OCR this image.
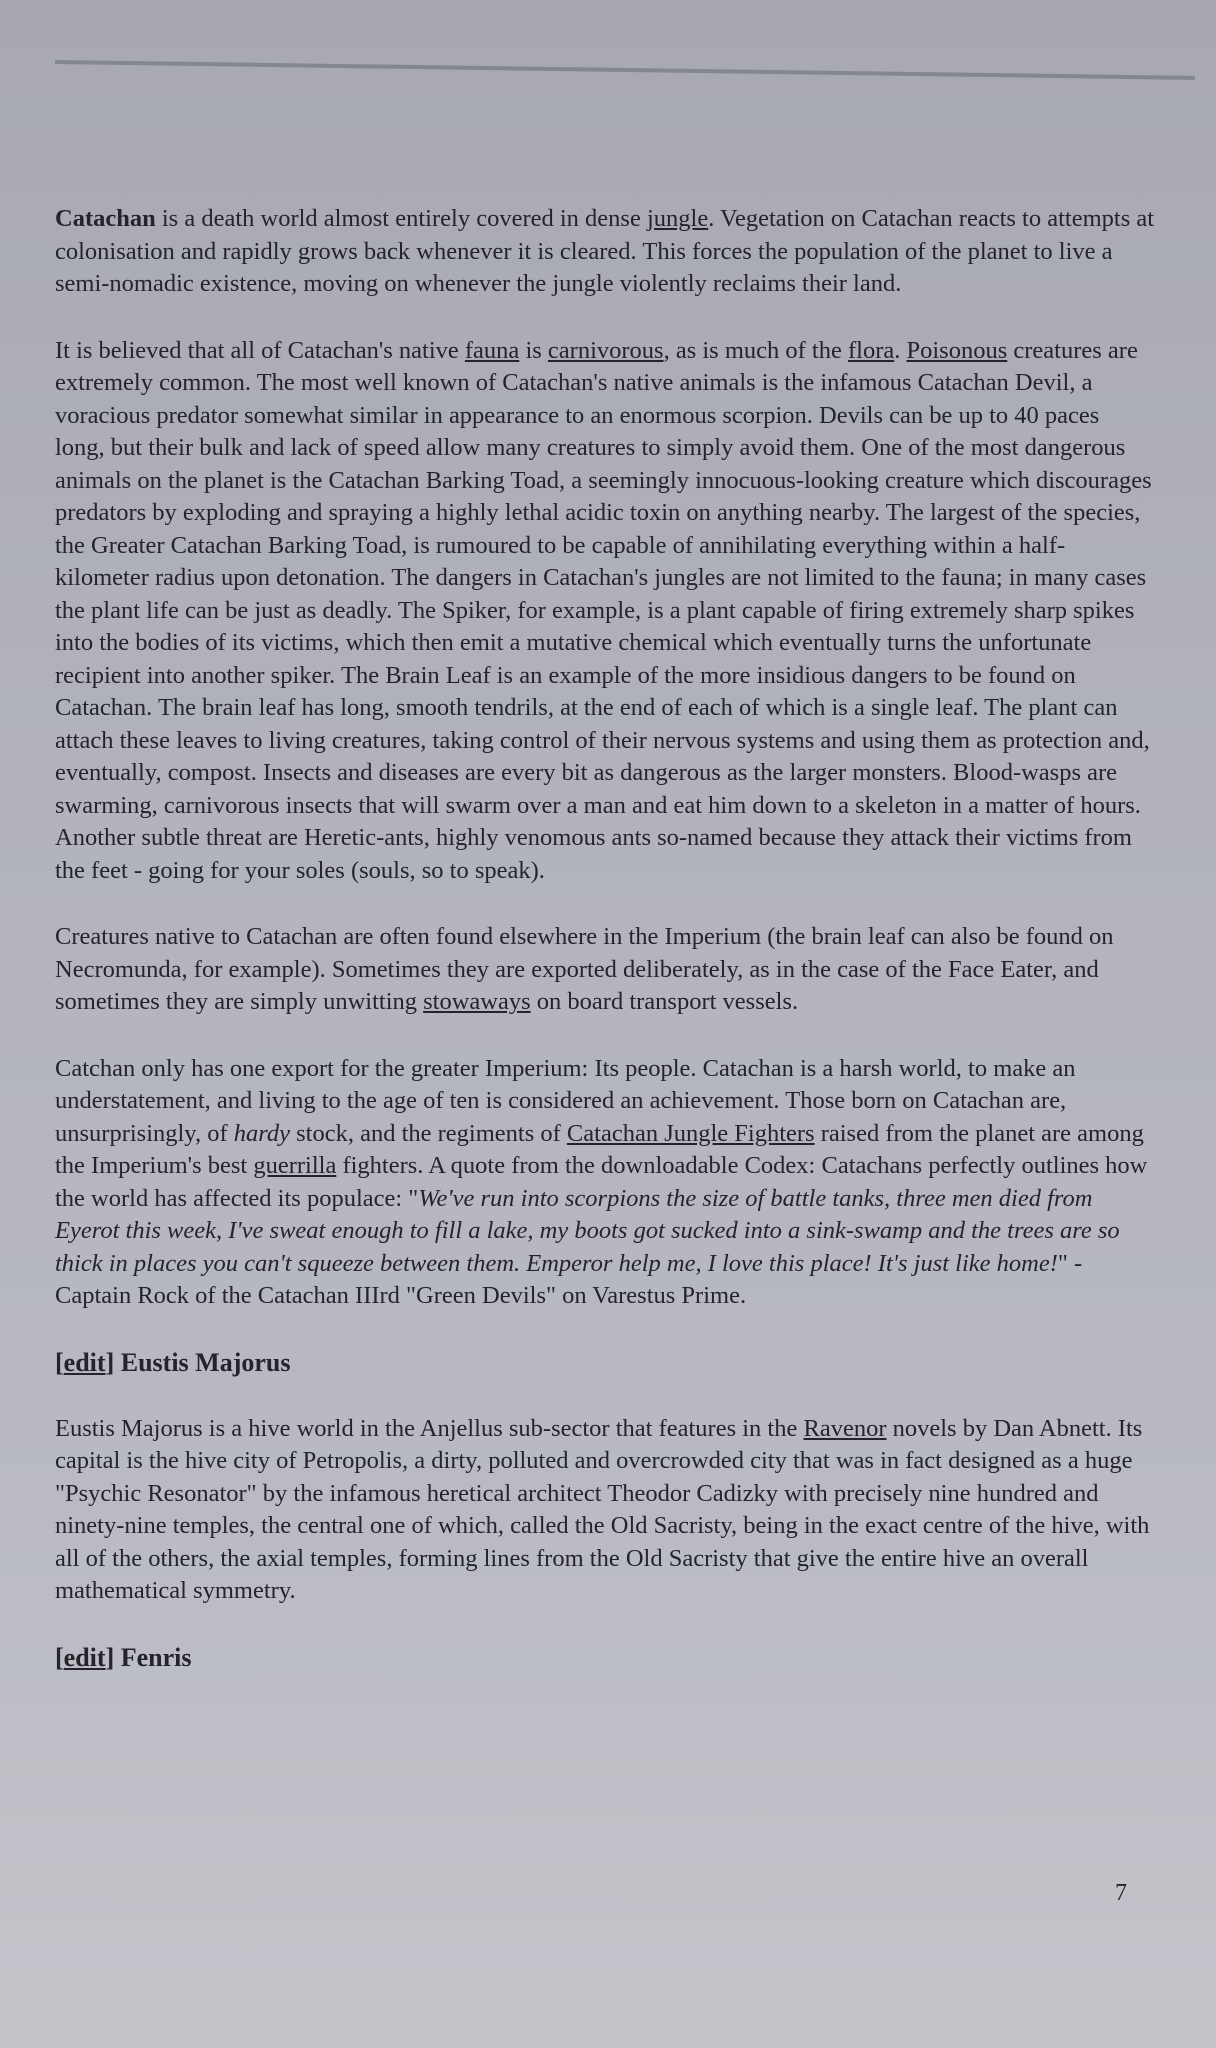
Catachan is a death world almost entirely covered in dense jungle. Vegetation on Catachan reacts to attempts at colonisation and rapidly grows back whenever it is cleared. This forces the population of the planet to live a semi-nomadic existence, moving on whenever the jungle violently reclaims their land.

It is believed that all of Catachan's native fauna is carnivorous, as is much of the flora. Poisonous creatures are extremely common. The most well known of Catachan's native animals is the infamous Catachan Devil, a voracious predator somewhat similar in appearance to an enormous scorpion. Devils can be up to 40 paces long, but their bulk and lack of speed allow many creatures to simply avoid them. One of the most dangerous animals on the planet is the Catachan Barking Toad, a seemingly innocuous-looking creature which discourages predators by exploding and spraying a highly lethal acidic toxin on anything nearby. The largest of the species, the Greater Catachan Barking Toad, is rumoured to be capable of annihilating everything within a half-kilometer radius upon detonation. The dangers in Catachan's jungles are not limited to the fauna; in many cases the plant life can be just as deadly. The Spiker, for example, is a plant capable of firing extremely sharp spikes into the bodies of its victims, which then emit a mutative chemical which eventually turns the unfortunate recipient into another spiker. The Brain Leaf is an example of the more insidious dangers to be found on Catachan. The brain leaf has long, smooth tendrils, at the end of each of which is a single leaf. The plant can attach these leaves to living creatures, taking control of their nervous systems and using them as protection and, eventually, compost. Insects and diseases are every bit as dangerous as the larger monsters. Blood-wasps are swarming, carnivorous insects that will swarm over a man and eat him down to a skeleton in a matter of hours. Another subtle threat are Heretic-ants, highly venomous ants so-named because they attack their victims from the feet - going for your soles (souls, so to speak).

Creatures native to Catachan are often found elsewhere in the Imperium (the brain leaf can also be found on Necromunda, for example). Sometimes they are exported deliberately, as in the case of the Face Eater, and sometimes they are simply unwitting stowaways on board transport vessels.

Catchan only has one export for the greater Imperium: Its people. Catachan is a harsh world, to make an understatement, and living to the age of ten is considered an achievement. Those born on Catachan are, unsurprisingly, of hardy stock, and the regiments of Catachan Jungle Fighters raised from the planet are among the Imperium's best guerrilla fighters. A quote from the downloadable Codex: Catachans perfectly outlines how the world has affected its populace: "We've run into scorpions the size of battle tanks, three men died from Eyerot this week, I've sweat enough to fill a lake, my boots got sucked into a sink-swamp and the trees are so thick in places you can't squeeze between them. Emperor help me, I love this place! It's just like home!" - Captain Rock of the Catachan IIIrd "Green Devils" on Varestus Prime.

[edit] Eustis Majorus

Eustis Majorus is a hive world in the Anjellus sub-sector that features in the Ravenor novels by Dan Abnett. Its capital is the hive city of Petropolis, a dirty, polluted and overcrowded city that was in fact designed as a huge "Psychic Resonator" by the infamous heretical architect Theodor Cadizky with precisely nine hundred and ninety-nine temples, the central one of which, called the Old Sacristy, being in the exact centre of the hive, with all of the others, the axial temples, forming lines from the Old Sacristy that give the entire hive an overall mathematical symmetry.

[edit] Fenris
7
